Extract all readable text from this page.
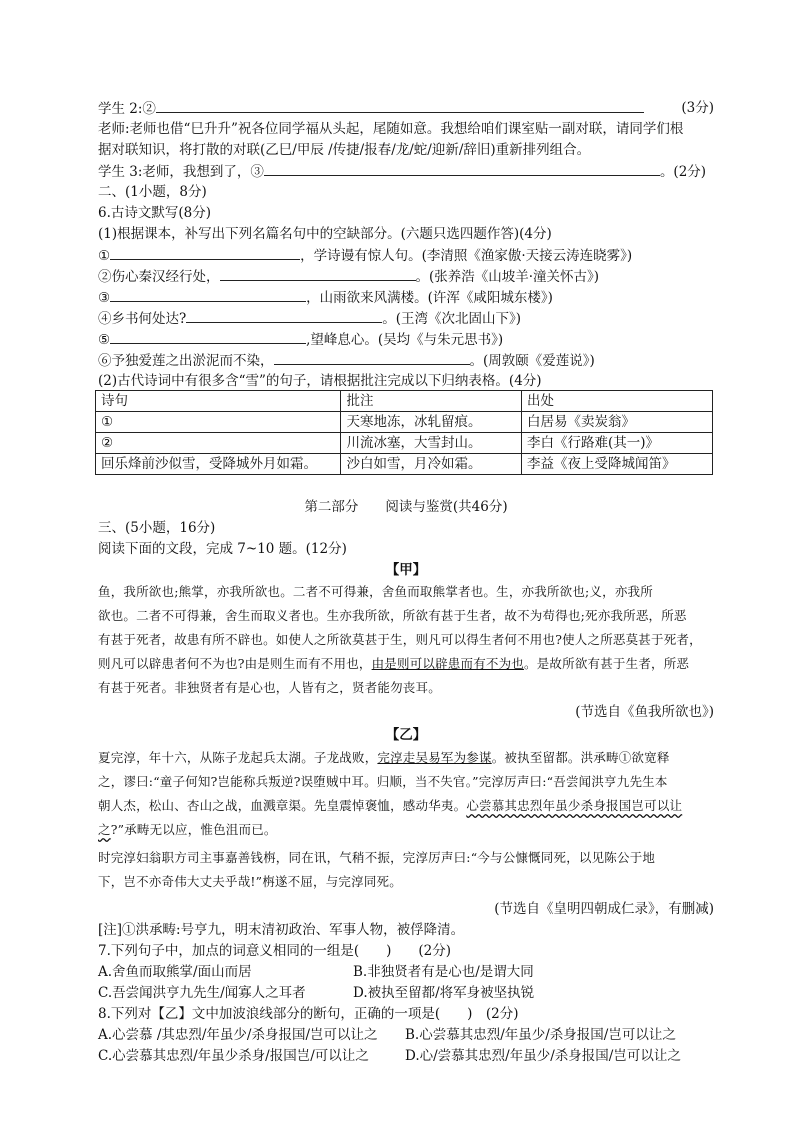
学生 2:②	(3分)
老师:老师也借“巳升升”祝各位同学福从头起，尾随如意。我想给咱们课室贴一副对联，请同学们根
据对联知识，将打散的对联(乙巳/甲辰 /传捷/报春/龙/蛇/迎新/辞旧)重新排列组合。
学生 3:老师，我想到了，③	。(2分)
二、(1小题，8分)
6.古诗文默写(8分)
(1)根据课本，补写出下列名篇名句中的空缺部分。(六题只选四题作答)(4分)
①	，学诗谩有惊人句。(李清照《渔家傲·天接云涛连晓雾》)
②伤心秦汉经行处，	。(张养浩《山坡羊·潼关怀古》)
③	，山雨欲来风满楼。(许浑《咸阳城东楼》)
④乡书何处达?	。(王湾《次北固山下》)
⑤	,望峰息心。(吴均《与朱元思书》)
⑥予独爱莲之出淤泥而不染，	。(周敦颐《爱莲说》)
(2)古代诗词中有很多含“雪”的句子，请根据批注完成以下归纳表格。(4分)
诗句	批注	出处
①	天寒地冻，冰轧留痕。	白居易《卖炭翁》
②	川流冰塞，大雪封山。	李白《行路难(其一)》
回乐烽前沙似雪，受降城外月如霜。	沙白如雪，月冷如霜。	李益《夜上受降城闻笛》
第二部分　　阅读与鉴赏(共46分)
三、(5小题，16分)
阅读下面的文段，完成 7~10 题。(12分)
【甲】
鱼，我所欲也;熊掌，亦我所欲也。二者不可得兼，舍鱼而取熊掌者也。生，亦我所欲也;义，亦我所
欲也。二者不可得兼，舍生而取义者也。生亦我所欲，所欲有甚于生者，故不为苟得也;死亦我所恶，所恶
有甚于死者，故患有所不辟也。如使人之所欲莫甚于生，则凡可以得生者何不用也?使人之所恶莫甚于死者，
则凡可以辟患者何不为也?由是则生而有不用也，由是则可以辟患而有不为也。是故所欲有甚于生者，所恶
有甚于死者。非独贤者有是心也，人皆有之，贤者能勿丧耳。
(节选自《鱼我所欲也》)
【乙】
夏完淳，年十六，从陈子龙起兵太湖。子龙战败，完淳走吴易军为参谋。被执至留都。洪承畴①欲宽释
之，谬曰:“童子何知?岂能称兵叛逆?误堕贼中耳。归顺，当不失官。”完淳厉声曰:“吾尝闻洪亨九先生本
朝人杰，松山、杏山之战，血溅章渠。先皇震悼褒恤，感动华夷。心尝慕其忠烈年虽少杀身报国岂可以让
之?”承畴无以应，惟色沮而已。
时完淳妇翁职方司主事嘉善钱栴，同在讯，气稍不振，完淳厉声曰:“今与公慷慨同死，以见陈公于地
下，岂不亦奇伟大丈夫乎哉!”栴遂不屈，与完淳同死。
(节选自《皇明四朝成仁录》，有删减)
[注]①洪承畴:号亨九，明末清初政治、军事人物，被俘降清。
7.下列句子中，加点的词意义相同的一组是(　　)　　(2分)
A.舍鱼而取熊掌/面山而居	B.非独贤者有是心也/是谓大同
C.吾尝闻洪亨九先生/闻寡人之耳者	D.被执至留都/将军身被坚执锐
8.下列对【乙】文中加波浪线部分的断句，正确的一项是(　　)　(2分)
A.心尝慕 /其忠烈/年虽少/杀身报国/岂可以让之 B.心尝慕其忠烈/年虽少/杀身报国/岂可以让之
C.心尝慕其忠烈/年虽少杀身/报国岂/可以让之	D.心/尝慕其忠烈/年虽少/杀身报国/岂可以让之
